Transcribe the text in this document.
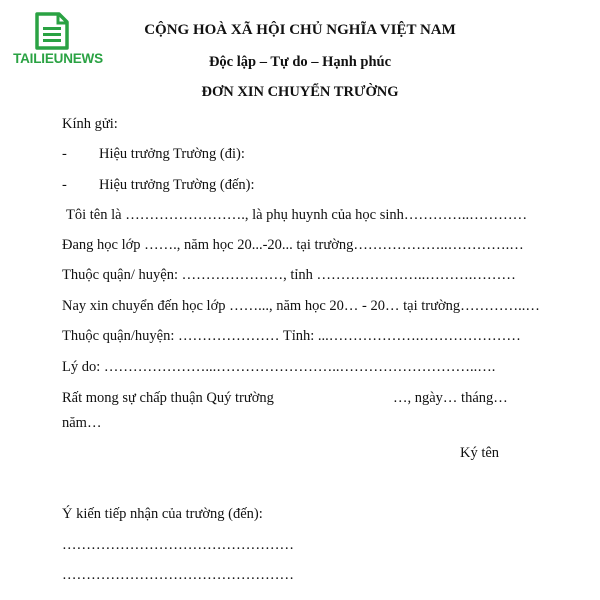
TAILIEUNEWS
CỘNG HOÀ XÃ HỘI CHỦ NGHĨA VIỆT NAM
Độc lập – Tự do – Hạnh phúc
ĐƠN XIN CHUYỂN TRƯỜNG
Kính gửi:
- Hiệu trưởng Trường (đi):
- Hiệu trưởng Trường (đến):
Tôi tên là ……………………., là phụ huynh của học sinh…………..…………
Đang học lớp ……., năm học 20...-20... tại trường………………..………….…
Thuộc quận/ huyện: …………………, tỉnh …………………..……….………
Nay xin chuyển đến học lớp ……..., năm học 20… - 20… tại trường…………..…
Thuộc quận/huyện: ………………… Tỉnh: ...……………….…………………
Lý do: …………………...……………………..………………………..….
Rất mong sự chấp thuận Quý trường	…, ngày… tháng…
năm…
Ký tên
Ý kiến tiếp nhận của trường (đến):
…………………………………………
…………………………………………
